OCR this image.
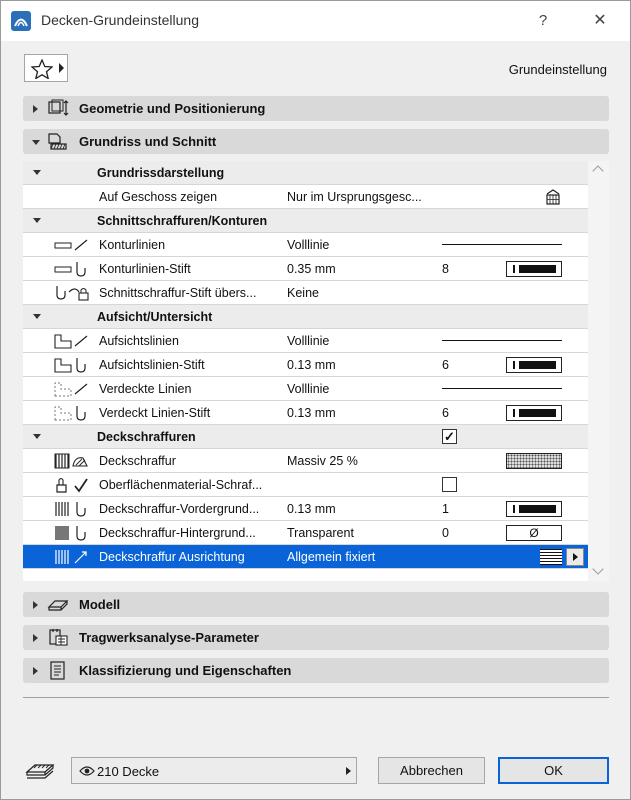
Decken-Grundeinstellung	?	✕
Grundeinstellung
Geometrie und Positionierung
Grundriss und Schnitt
Grundrissdarstellung
Auf Geschoss zeigen	Nur im Ursprungsgesc...
Schnittschraffuren/Konturen
Konturlinien	Volllinie
Konturlinien-Stift	0.35 mm	8
Schnittschraffur-Stift übers...	Keine
Aufsicht/Untersicht
Aufsichtslinien	Volllinie
Aufsichtslinien-Stift	0.13 mm	6
Verdeckte Linien	Volllinie
Verdeckt Linien-Stift	0.13 mm	6
Deckschraffuren	✓
Deckschraffur	Massiv 25 %
Oberflächenmaterial-Schraf...
Deckschraffur-Vordergrund...	0.13 mm	1
Deckschraffur-Hintergrund...	Transparent	0	Ø
Deckschraffur Ausrichtung	Allgemein fixiert
Modell
Tragwerksanalyse-Parameter
Klassifizierung und Eigenschaften
210 Decke	Abbrechen	OK
